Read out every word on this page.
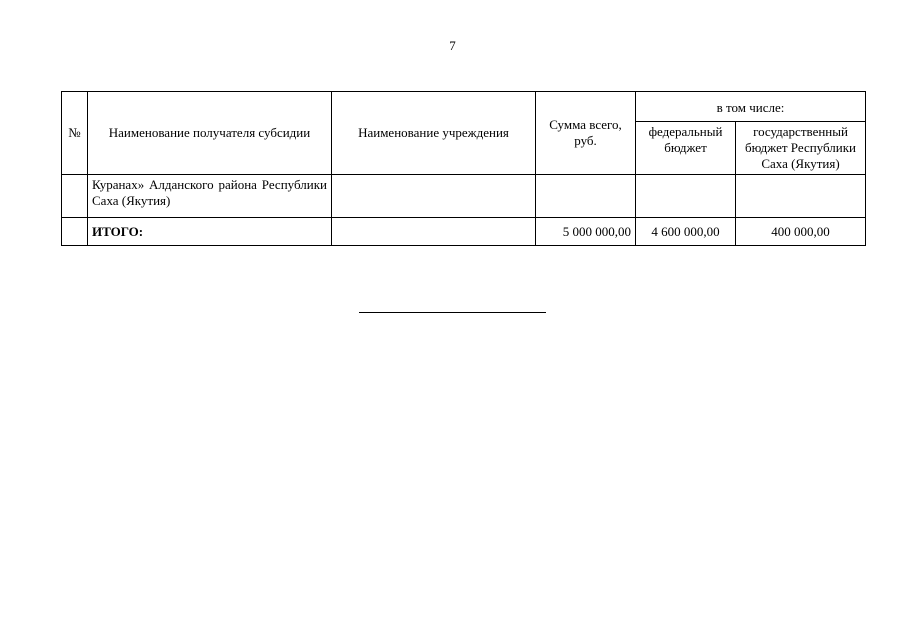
7
№	Наименование получателя субсидии	Наименование учреждения	Сумма всего, руб.	в том числе:	
				федеральный бюджет	государственный бюджет Республики Саха (Якутия)
	Куранах» Алданского района Республики Саха (Якутия)				
	ИТОГО:		5 000 000,00	4 600 000,00	400 000,00
